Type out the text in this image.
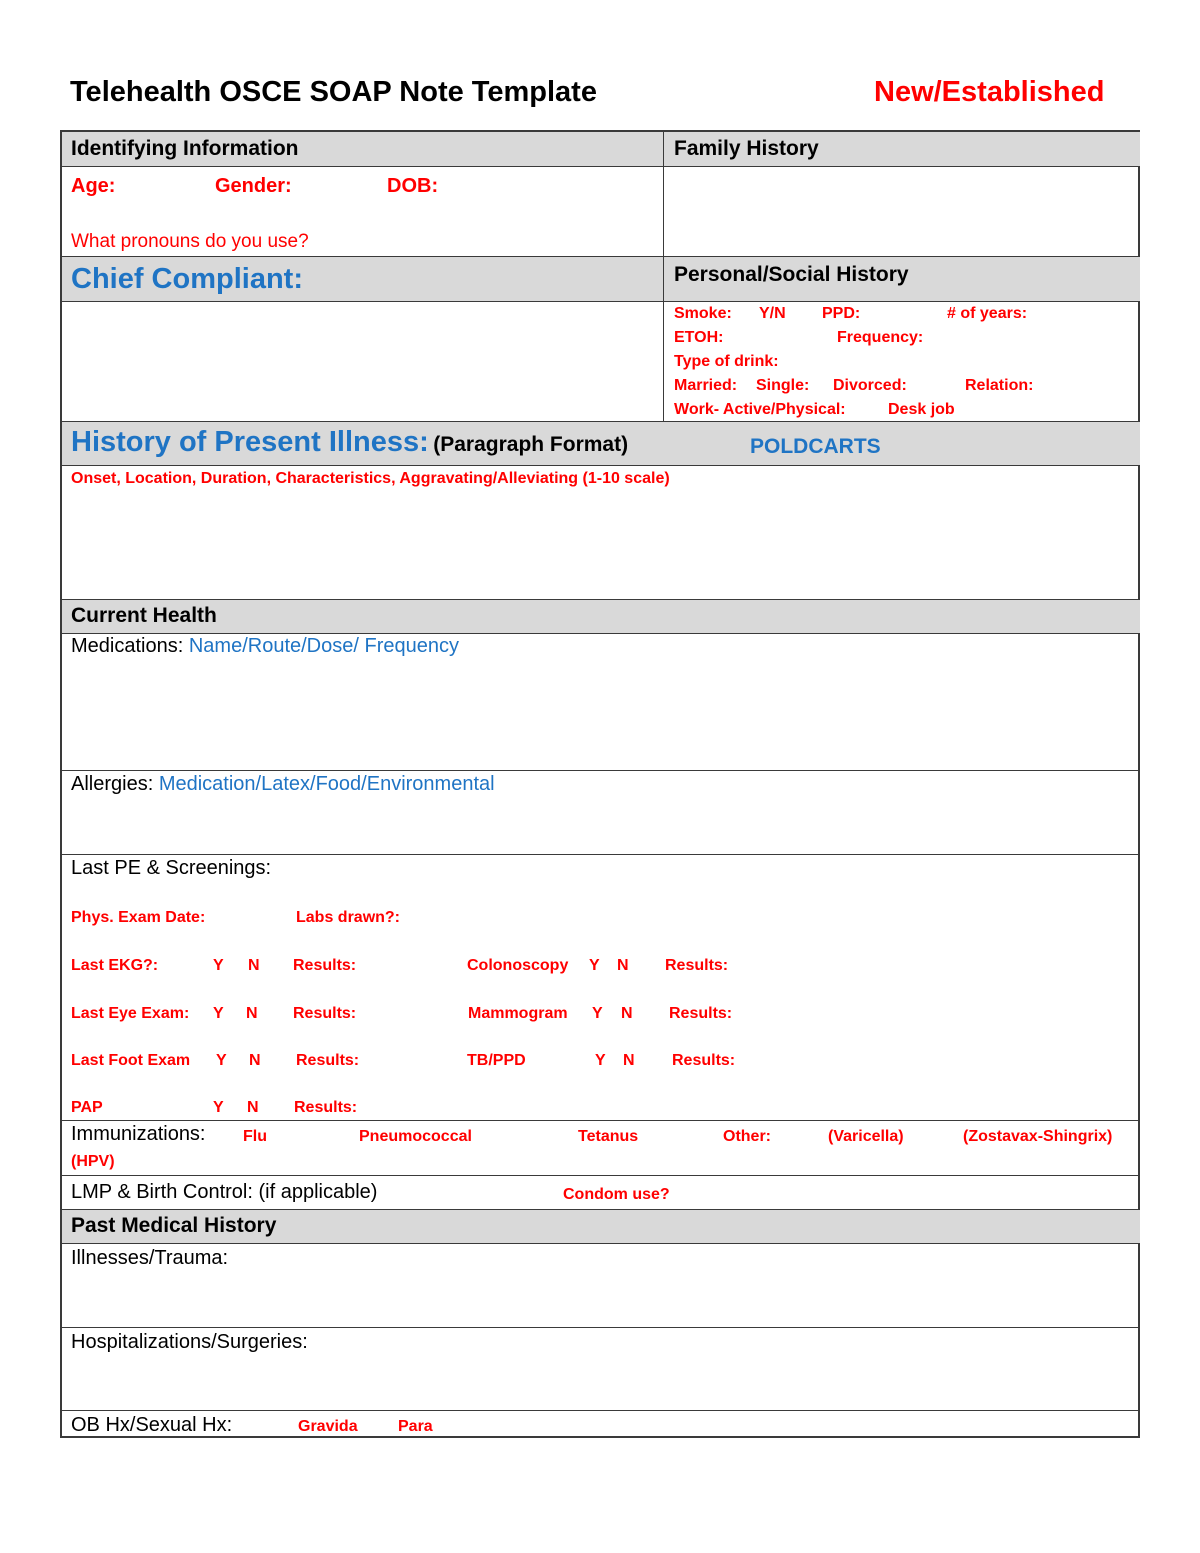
Telehealth OSCE SOAP Note Template	New/Established
Identifying Information
Age:	Gender:	DOB:
What pronouns do you use?
Family History
Chief Compliant:	Personal/Social History
Smoke: Y/N PPD:	# of years:
ETOH:	Frequency:
Type of drink:
Married: Single: Divorced:	Relation:
Work- Active/Physical:	Desk job
History of Present Illness: (Paragraph Format)	POLDCARTS
Onset, Location, Duration, Characteristics, Aggravating/Alleviating (1-10 scale)
Current Health
Medications: Name/Route/Dose/ Frequency
Allergies: Medication/Latex/Food/Environmental
Last PE & Screenings:
Phys. Exam Date:	Labs drawn?:
Last EKG?:	Y N Results:	Colonoscopy Y N Results:
Last Eye Exam: Y N Results:	Mammogram Y N Results:
Last Foot Exam Y N Results:	TB/PPD	Y N Results:
PAP	Y N Results:
Immunizations: Flu	Pneumococcal	Tetanus	Other:	(Varicella)	(Zostavax-Shingrix)
(HPV)
LMP & Birth Control: (if applicable)	Condom use?
Past Medical History
Illnesses/Trauma:
Hospitalizations/Surgeries:
OB Hx/Sexual Hx:	Gravida	Para
